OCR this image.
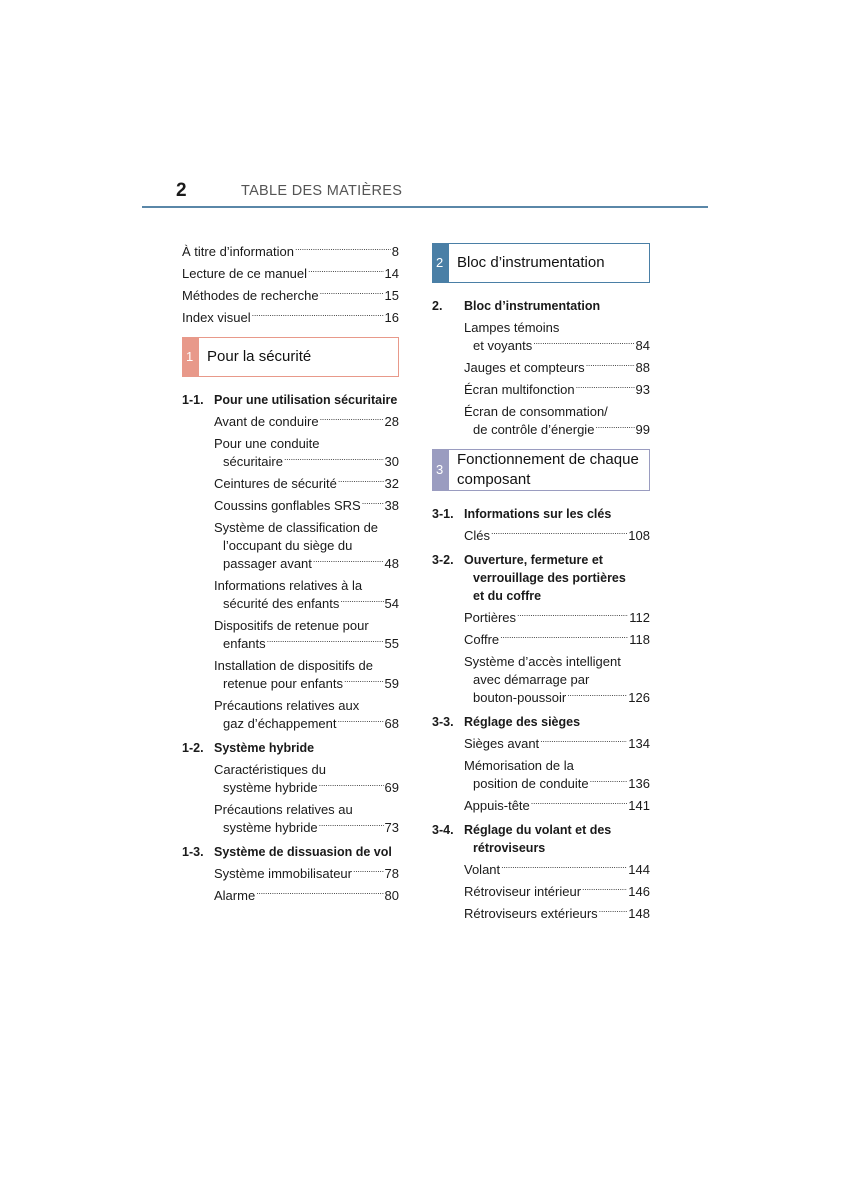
2	TABLE DES MATIÈRES
À titre d’information .....	8
Lecture de ce manuel .....	14
Méthodes de recherche .....	15
Index visuel .....	16
1 Pour la sécurité
1-1. Pour une utilisation sécuritaire
Avant de conduire .....	28
Pour une conduite
sécuritaire .....	30
Ceintures de sécurité .....	32
Coussins gonflables SRS ..... 38
Système de classification de
l’occupant du siège du
passager avant .....	48
Informations relatives à la
sécurité des enfants .....	54
Dispositifs de retenue pour
enfants .....	55
Installation de dispositifs de
retenue pour enfants .....	59
Précautions relatives aux
gaz d’échappement .....	68
1-2. Système hybride
Caractéristiques du
système hybride .....	69
Précautions relatives au
système hybride .....	73
1-3. Système de dissuasion de vol
Système immobilisateur .....	78
Alarme .....	80
2 Bloc d’instrumentation
2.	Bloc d’instrumentation
Lampes témoins
et voyants .....	84
Jauges et compteurs .....	88
Écran multifonction .....	93
Écran de consommation/
de contrôle d’énergie .....	99
3
Fonctionnement de chaque
composant
3-1. Informations sur les clés
Clés .....	108
3-2. Ouverture, fermeture et
verrouillage des portières
et du coffre
Portières .....	112
Coffre .....	118
Système d’accès intelligent
avec démarrage par
bouton-poussoir .....	126
3-3. Réglage des sièges
Sièges avant .....	134
Mémorisation de la
position de conduite .....	136
Appuis-tête .....	141
3-4. Réglage du volant et des
rétroviseurs
Volant .....	144
Rétroviseur intérieur .....	146
Rétroviseurs extérieurs ..... 148
